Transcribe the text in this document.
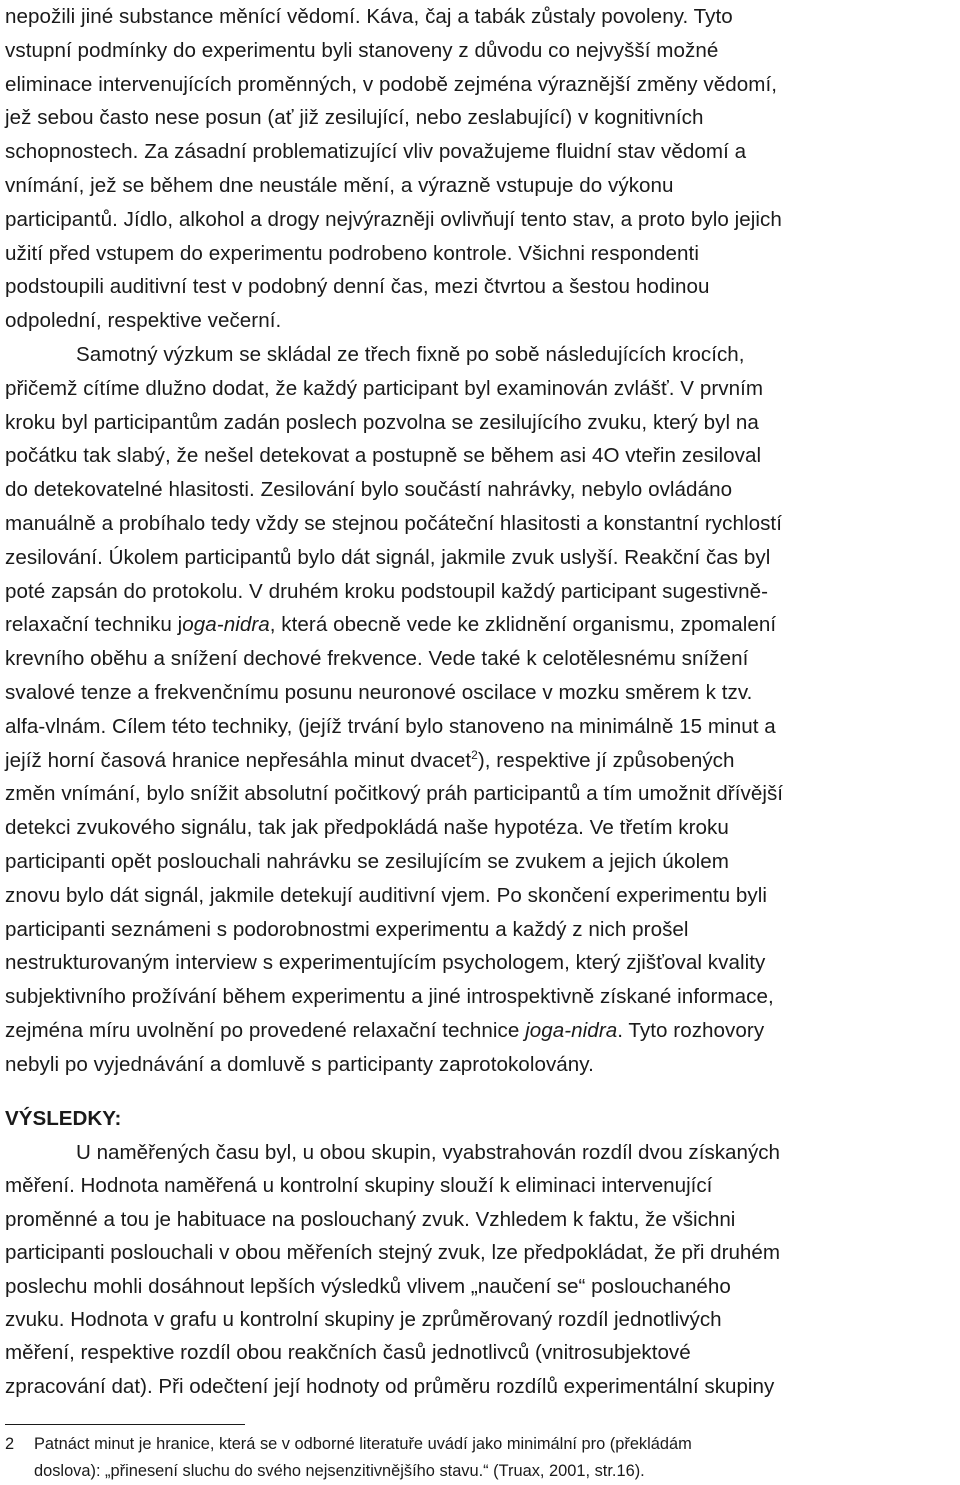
nepožili jiné substance měnící vědomí. Káva, čaj a tabák zůstaly povoleny. Tyto
vstupní podmínky do experimentu byli stanoveny z důvodu co nejvyšší možné
eliminace intervenujících proměnných, v podobě zejména výraznější změny vědomí,
jež sebou často nese posun (ať již zesilující, nebo zeslabující) v kognitivních
schopnostech. Za zásadní problematizující vliv považujeme fluidní stav vědomí a
vnímání, jež se během dne neustále mění, a výrazně vstupuje do výkonu
participantů. Jídlo, alkohol a drogy nejvýrazněji ovlivňují tento stav, a proto bylo jejich
užití před vstupem do experimentu podrobeno kontrole. Všichni respondenti
podstoupili auditivní test v podobný denní čas, mezi čtvrtou a šestou hodinou
odpolední, respektive večerní.

Samotný výzkum se skládal ze třech fixně po sobě následujících krocích,
přičemž cítíme dlužno dodat, že každý participant byl examinován zvlášť. V prvním
kroku byl participantům zadán poslech pozvolna se zesilujícího zvuku, který byl na
počátku tak slabý, že nešel detekovat a postupně se během asi 4O vteřin zesiloval
do detekovatelné hlasitosti. Zesilování bylo součástí nahrávky, nebylo ovládáno
manuálně a probíhalo tedy vždy se stejnou počáteční hlasitosti a konstantní rychlostí
zesilování. Úkolem participantů bylo dát signál, jakmile zvuk uslyší. Reakční čas byl
poté zapsán do protokolu. V druhém kroku podstoupil každý participant sugestivně-
relaxační techniku joga-nidra, která obecně vede ke zklidnění organismu, zpomalení
krevního oběhu a snížení dechové frekvence. Vede také k celotělesnému snížení
svalové tenze a frekvenčnímu posunu neuronové oscilace v mozku směrem k tzv.
alfa-vlnám. Cílem této techniky, (jejíž trvání bylo stanoveno na minimálně 15 minut a
jejíž horní časová hranice nepřesáhla minut dvacet$^2$), respektive jí způsobených
změn vnímání, bylo snížit absolutní počitkový práh participantů a tím umožnit dřívější
detekci zvukového signálu, tak jak předpokládá naše hypotéza. Ve třetím kroku
participanti opět poslouchali nahrávku se zesilujícím se zvukem a jejich úkolem
znovu bylo dát signál, jakmile detekují auditivní vjem. Po skončení experimentu byli
participanti seznámeni s podorobnostmi experimentu a každý z nich prošel
nestrukturovaným interview s experimentujícím psychologem, který zjišťoval kvality
subjektivního prožívání během experimentu a jiné introspektivně získané informace,
zejména míru uvolnění po provedené relaxační technice joga-nidra. Tyto rozhovory
nebyli po vyjednávání a domluvě s participanty zaprotokolovány.

VÝSLEDKY:

U naměřených času byl, u obou skupin, vyabstrahován rozdíl dvou získaných
měření. Hodnota naměřená u kontrolní skupiny slouží k eliminaci intervenující
proměnné a tou je habituace na poslouchaný zvuk. Vzhledem k faktu, že všichni
participanti poslouchali v obou měřeních stejný zvuk, lze předpokládat, že při druhém
poslechu mohli dosáhnout lepších výsledků vlivem „naučení se“ poslouchaného
zvuku. Hodnota v grafu u kontrolní skupiny je zprůměrovaný rozdíl jednotlivých
měření, respektive rozdíl obou reakčních časů jednotlivců (vnitrosubjektové
zpracování dat). Při odečtení její hodnoty od průměru rozdílů experimentální skupiny

2 Patnáct minut je hranice, která se v odborné literatuře uvádí jako minimální pro (překládám
doslova): „přinesení sluchu do svého nejsenzitivnějšího stavu.“ (Truax, 2001, str.16).
